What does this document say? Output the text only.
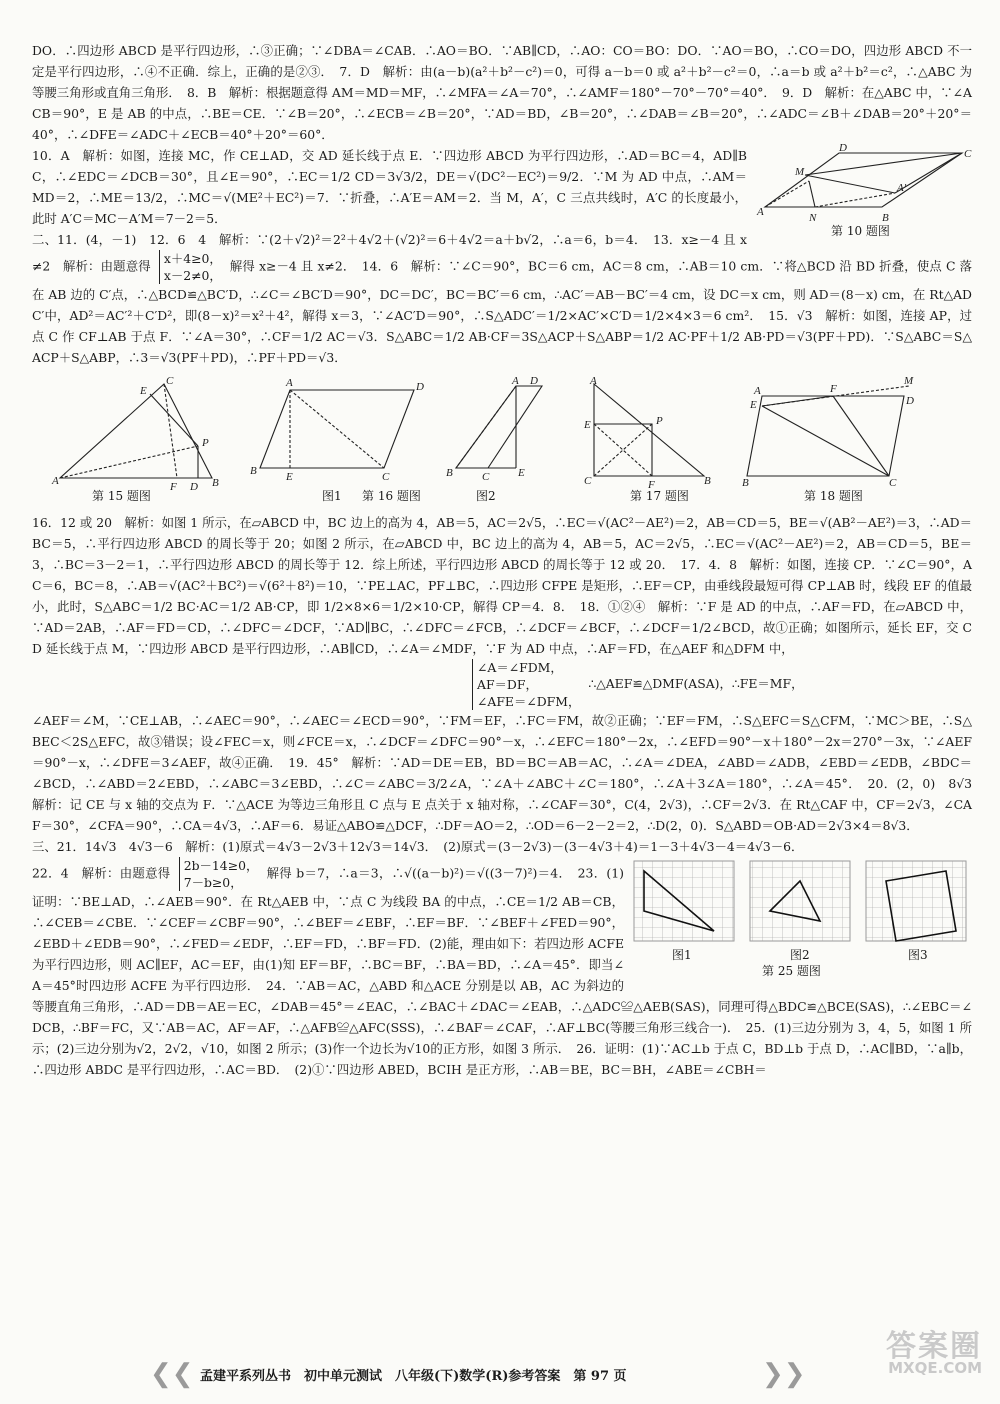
DO．∴四边形 ABCD 是平行四边形，∴③正确；∵∠DBA＝∠CAB．∴AO＝BO．∵AB∥CD，∴AO：CO＝BO：DO．∵AO＝BO，∴CO＝DO，四边形 ABCD 不一定是平行四边形，∴④不正确．综上，正确的是②③．　7．D　解析：由(a－b)(a²＋b²－c²)＝0，可得 a－b＝0 或 a²＋b²－c²＝0，∴a＝b 或 a²＋b²＝c²，∴△ABC 为等腰三角形或直角三角形．　8．B　解析：根据题意得 AM＝MD＝MF，∴∠MFA＝∠A＝70°，∴∠AMF＝180°－70°－70°＝40°．　9．D　解析：在△ABC 中，∵∠ACB＝90°，E 是 AB 的中点，∴BE＝CE．∵∠B＝20°，∴∠ECB＝∠B＝20°，∵AD＝BD，∠B＝20°，∴∠DAB＝∠B＝20°，∴∠ADC＝∠B＋∠DAB＝20°＋20°＝40°，∴∠DFE＝∠ADC＋∠ECB＝40°＋20°＝60°．

A	N	B
C
D
M
A′
第 10 题图

10．A　解析：如图，连接 MC，作 CE⊥AD，交 AD 延长线于点 E．∵四边形 ABCD 为平行四边形，∴AD＝BC＝4，AD∥BC，∴∠EDC＝∠DCB＝30°，且∠E＝90°，∴EC＝1/2 CD＝3√3/2，DE＝√(DC²－EC²)＝9/2．∵M 为 AD 中点，∴AM＝MD＝2，∴ME＝13/2，∴MC＝√(ME²＋EC²)＝7．∵折叠，∴A′E＝AM＝2．当 M，A′，C 三点共线时，A′C 的长度最小，此时 A′C＝MC－A′M＝7－2＝5．

二、11．(4，－1)　12．6　4　解析：∵(2＋√2)²＝2²＋4√2＋(√2)²＝6＋4√2＝a＋b√2，∴a＝6，b＝4．　13．x≥－4 且 x≠2　解析：由题意得 x＋4≥0，
x－2≠0，
解得 x≥－4 且 x≠2．　14．6　解析：∵∠C＝90°，BC＝6 cm，AC＝8 cm，∴AB＝10 cm．∵将△BCD 沿 BD 折叠，使点 C 落在 AB 边的 C′点，∴△BCD≌△BC′D，∴∠C＝∠BC′D＝90°，DC＝DC′，BC＝BC′＝6 cm，∴AC′＝AB－BC′＝4 cm，设 DC＝x cm，则 AD＝(8－x) cm，在 Rt△ADC′中，AD²＝AC′²＋C′D²，即(8－x)²＝x²＋4²，解得 x＝3，∵∠AC′D＝90°，∴S△ADC′＝1/2×AC′×C′D＝1/2×4×3＝6 cm²．　15．√3　解析：如图，连接 AP，过点 C 作 CF⊥AB 于点 F．∵∠A＝30°，∴CF＝1/2 AC＝√3．S△ABC＝1/2 AB·CF＝3S△ACP＋S△ABP＝1/2 AC·PF＋1/2 AB·PD＝√3(PF＋PD)．∵S△ABC＝S△ACP＋S△ABP，∴3＝√3(PF＋PD)，∴PF＋PD＝√3．

A
C
E
P
F D B
第 15 题图
B
A	D
E	C
图1 第 16 题图
B	C
A D
E
图2
A
E	P
C	F	B
第 17 题图
A
E
F
M
D
B	C
第 18 题图

16．12 或 20　解析：如图 1 所示，在▱ABCD 中，BC 边上的高为 4，AB＝5，AC＝2√5，∴EC＝√(AC²－AE²)＝2，AB＝CD＝5，BE＝√(AB²－AE²)＝3，∴AD＝BC＝5，∴平行四边形 ABCD 的周长等于 20；如图 2 所示，在▱ABCD 中，BC 边上的高为 4，AB＝5，AC＝2√5，∴EC＝√(AC²－AE²)＝2，AB＝CD＝5，BE＝3，∴BC＝3－2＝1，∴平行四边形 ABCD 的周长等于 12．综上所述，平行四边形 ABCD 的周长等于 12 或 20．　17．4．8　解析：如图，连接 CP．∵∠C＝90°，AC＝6，BC＝8，∴AB＝√(AC²＋BC²)＝√(6²＋8²)＝10，∵PE⊥AC，PF⊥BC，∴四边形 CFPE 是矩形，∴EF＝CP，由垂线段最短可得 CP⊥AB 时，线段 EF 的值最小，此时，S△ABC＝1/2 BC·AC＝1/2 AB·CP，即 1/2×8×6＝1/2×10·CP，解得 CP＝4．8．　18．①②④　解析：∵F 是 AD 的中点，∴AF＝FD，在▱ABCD 中，∵AD＝2AB，∴AF＝FD＝CD，∴∠DFC＝∠DCF，∵AD∥BC，∴∠DFC＝∠FCB，∴∠DCF＝∠BCF，∴∠DCF＝1/2∠BCD，故①正确；如图所示，延长 EF，交 CD 延长线于点 M，∵四边形 ABCD 是平行四边形，∴AB∥CD，∴∠A＝∠MDF，∵F 为 AD 中点，∴AF＝FD，在△AEF 和△DFM 中，

∠A＝∠FDM，
AF＝DF，
∠AFE＝∠DFM，
∴△AEF≌△DMF(ASA)，∴FE＝MF，

∠AEF＝∠M，∵CE⊥AB，∴∠AEC＝90°，∴∠AEC＝∠ECD＝90°，∵FM＝EF，∴FC＝FM，故②正确；∵EF＝FM，∴S△EFC＝S△CFM，∵MC＞BE，∴S△BEC＜2S△EFC，故③错误；设∠FEC＝x，则∠FCE＝x，∴∠DCF＝∠DFC＝90°－x，∴∠EFC＝180°－2x，∴∠EFD＝90°－x＋180°－2x＝270°－3x，∵∠AEF＝90°－x，∴∠DFE＝3∠AEF，故④正确．　19．45°　解析：∵AD＝DE＝EB，BD＝BC＝AB＝AC，∴∠A＝∠DEA，∠ABD＝∠ADB，∠EBD＝∠EDB，∠BDC＝∠BCD，∴∠ABD＝2∠EBD，∴∠ABC＝3∠EBD，∴∠C＝∠ABC＝3/2∠A，∵∠A＋∠ABC＋∠C＝180°，∴∠A＋3∠A＝180°，∴∠A＝45°．　20．(2，0)　8√3　解析：记 CE 与 x 轴的交点为 F．∵△ACE 为等边三角形且 C 点与 E 点关于 x 轴对称，∴∠CAF＝30°，C(4，2√3)，∴CF＝2√3．在 Rt△CAF 中，CF＝2√3，∠CAF＝30°，∠CFA＝90°，∴CA＝4√3，∴AF＝6．易证△ABO≌△DCF，∴DF＝AO＝2，∴OD＝6－2－2＝2，∴D(2，0)．S△ABD＝OB·AD＝2√3×4＝8√3．

三、21．14√3　4√3－6　解析：(1)原式＝4√3－2√3＋12√3＝14√3．　(2)原式＝(3－2√3)－(3－4√3＋4)＝1－3＋4√3－4＝4√3－6．

图1	图2	图3
第 25 题图

22．4　解析：由题意得 2b－14≥0，
7－b≥0，
解得 b＝7，∴a＝3，∴√((a－b)²)＝√((3－7)²)＝4．　23．(1)证明：∵BE⊥AD，∴∠AEB＝90°．在 Rt△AEB 中，∵点 C 为线段 BA 的中点，∴CE＝1/2 AB＝CB，∴∠CEB＝∠CBE．∵∠CEF＝∠CBF＝90°，∴∠BEF＝∠EBF，∴EF＝BF．∵∠BEF＋∠FED＝90°，∠EBD＋∠EDB＝90°，∴∠FED＝∠EDF，∴EF＝FD，∴BF＝FD．(2)能，理由如下：若四边形 ACFE 为平行四边形，则 AC∥EF，AC＝EF，由(1)知 EF＝BF，∴BC＝BF，∴BA＝BD，∴∠A＝45°．即当∠A＝45°时四边形 ACFE 为平行四边形．　24．∵AB＝AC，△ABD 和△ACE 分别是以 AB，AC 为斜边的等腰直角三角形，∴AD＝DB＝AE＝EC，∠DAB＝45°＝∠EAC，∴∠BAC＋∠DAC＝∠EAB，∴△ADC≌△AEB(SAS)，同理可得△BDC≌△BCE(SAS)，∴∠EBC＝∠DCB，∴BF＝FC，又∵AB＝AC，AF＝AF，∴△AFB≌△AFC(SSS)，∴∠BAF＝∠CAF，∴AF⊥BC(等腰三角形三线合一)．　25．(1)三边分别为 3，4，5，如图 1 所示；(2)三边分别为√2，2√2，√10，如图 2 所示；(3)作一个边长为√10的正方形，如图 3 所示．　26．证明：(1)∵AC⊥b 于点 C，BD⊥b 于点 D，∴AC∥BD，∵a∥b，∴四边形 ABDC 是平行四边形，∴AC＝BD．　(2)①∵四边形 ABED，BCIH 是正方形，∴AB＝BE，BC＝BH，∠ABE＝∠CBH＝

❮❮ 孟建平系列丛书　初中单元测试　八年级(下)数学(R)参考答案　第 97 页	❯❯
答案圈
MXQE.COM
